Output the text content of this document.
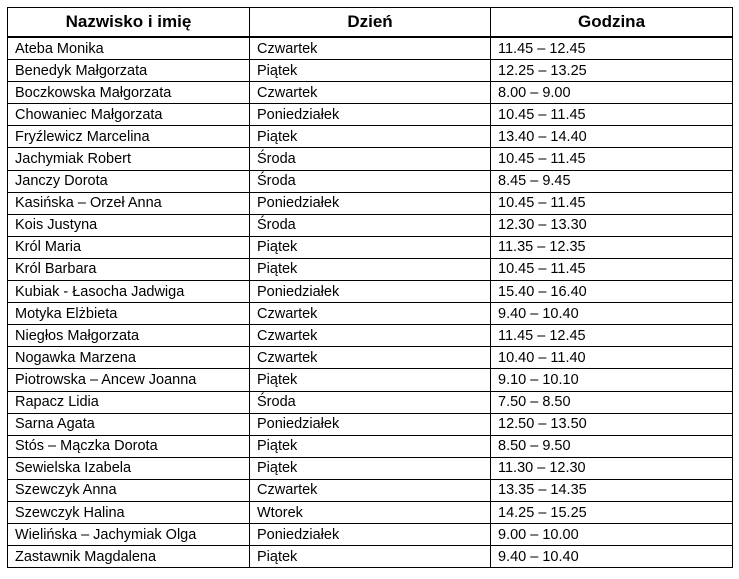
Nazwisko i imię	Dzień	Godzina
Ateba Monika	Czwartek	11.45 – 12.45
Benedyk Małgorzata	Piątek	12.25 – 13.25
Boczkowska Małgorzata	Czwartek	8.00 – 9.00
Chowaniec Małgorzata	Poniedziałek	10.45 – 11.45
Fryźlewicz Marcelina	Piątek	13.40 – 14.40
Jachymiak Robert	Środa	10.45 – 11.45
Janczy Dorota	Środa	8.45 – 9.45
Kasińska – Orzeł Anna	Poniedziałek	10.45 – 11.45
Kois Justyna	Środa	12.30 – 13.30
Król Maria	Piątek	11.35 – 12.35
Król Barbara	Piątek	10.45 – 11.45
Kubiak - Łasocha Jadwiga	Poniedziałek	15.40 – 16.40
Motyka Elżbieta	Czwartek	9.40 – 10.40
Niegłos Małgorzata	Czwartek	11.45 – 12.45
Nogawka Marzena	Czwartek	10.40 – 11.40
Piotrowska – Ancew Joanna	Piątek	9.10 – 10.10
Rapacz Lidia	Środa	7.50 – 8.50
Sarna Agata	Poniedziałek	12.50 – 13.50
Stós – Mączka Dorota	Piątek	8.50 – 9.50
Sewielska Izabela	Piątek	11.30 – 12.30
Szewczyk Anna	Czwartek	13.35 – 14.35
Szewczyk Halina	Wtorek	14.25 – 15.25
Wielińska – Jachymiak Olga	Poniedziałek	9.00 – 10.00
Zastawnik Magdalena	Piątek	9.40 – 10.40
